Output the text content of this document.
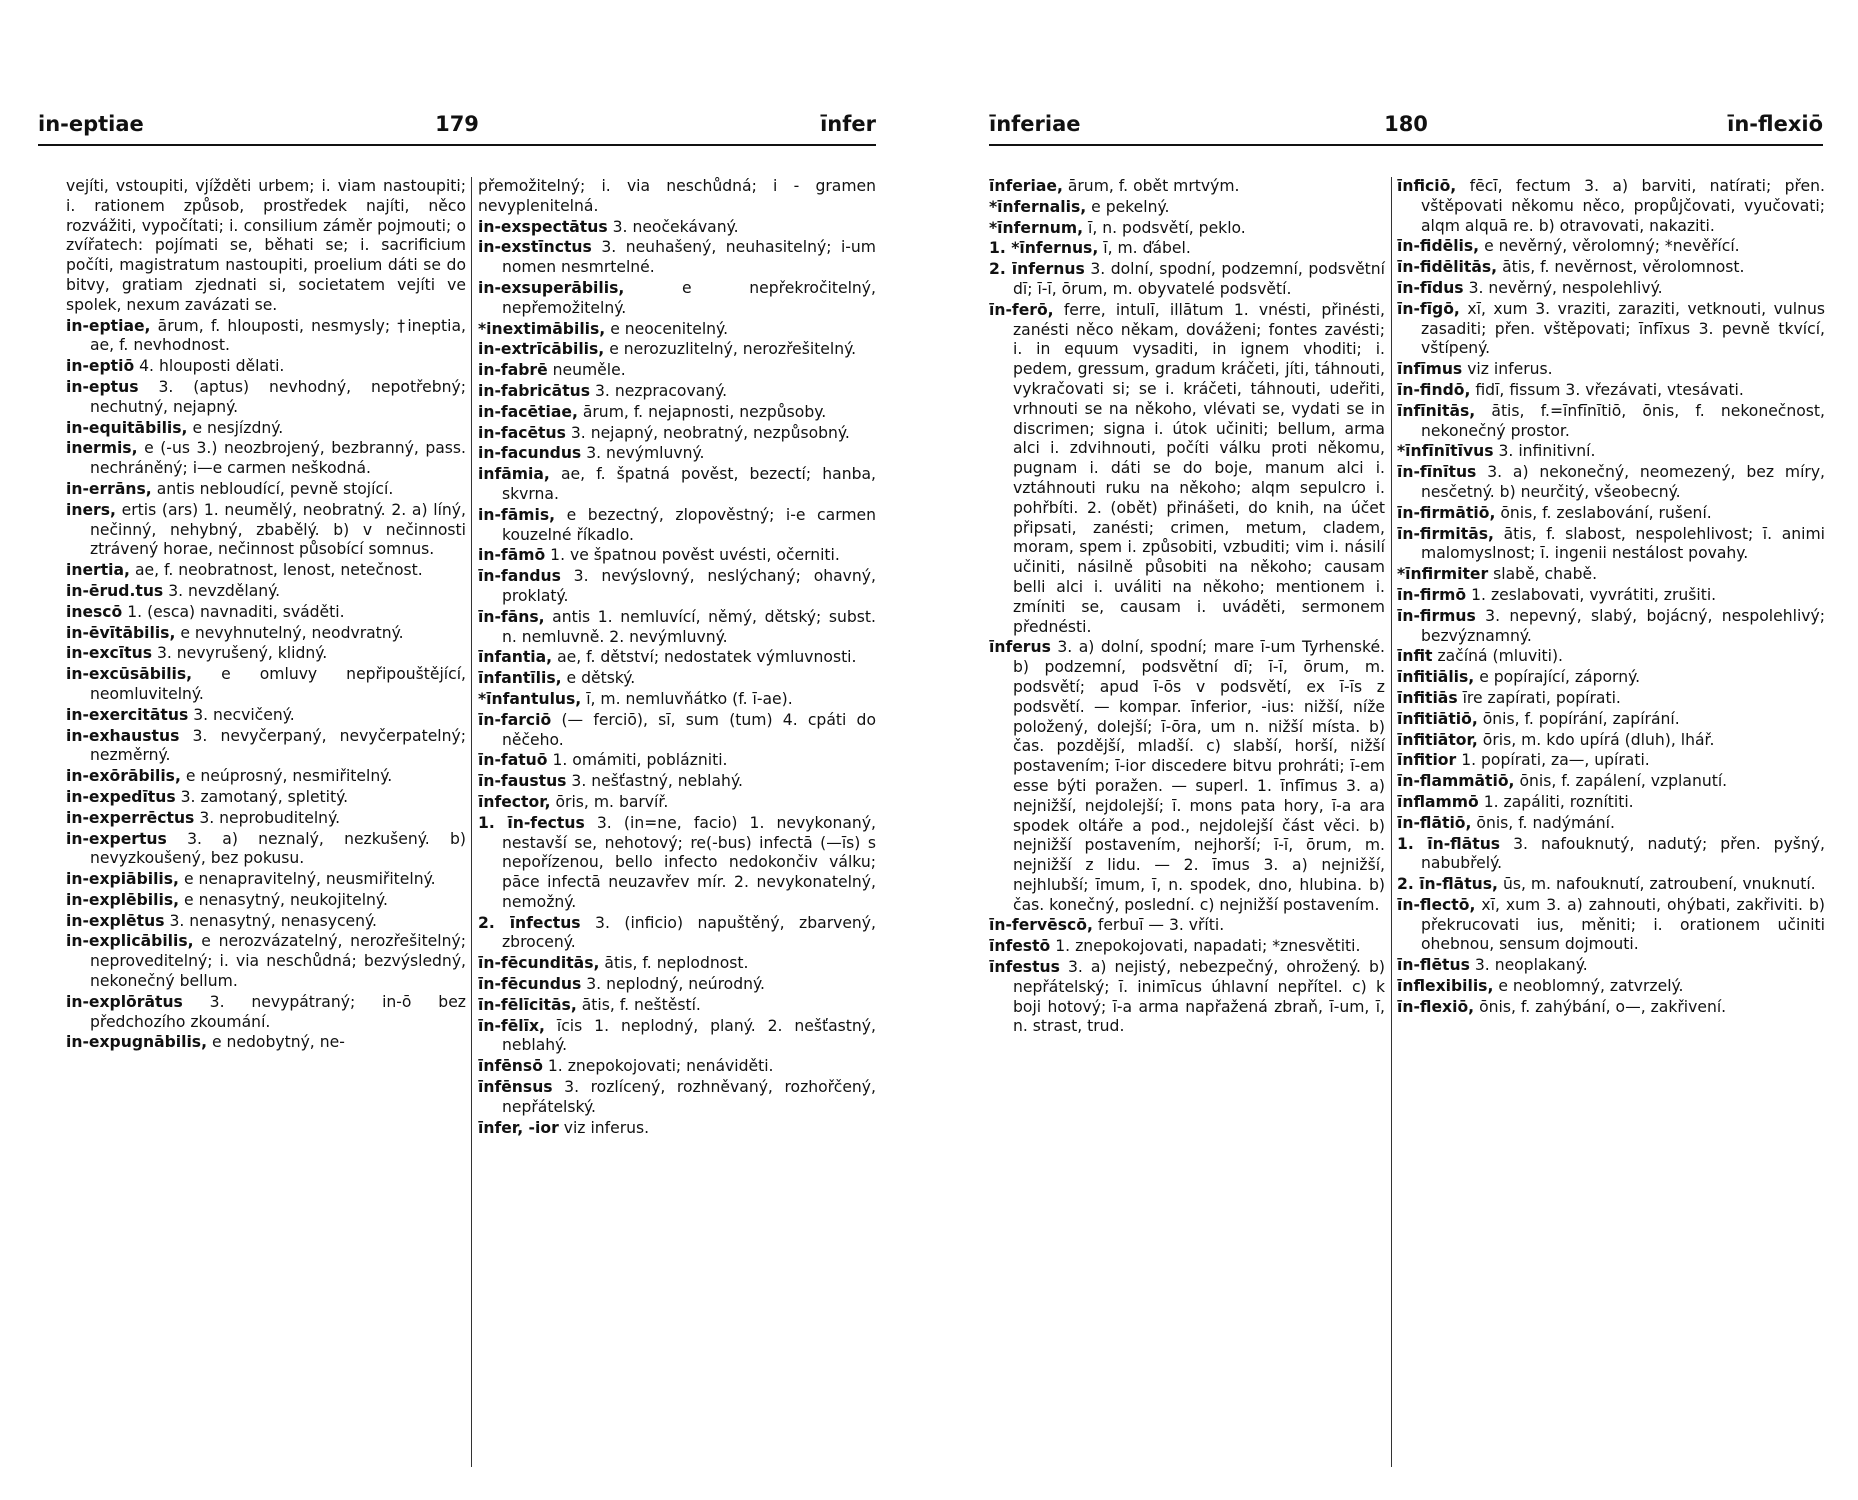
in-eptiae	179	īnfer

vejíti, vstoupiti, vjížděti urbem; i. viam nastoupiti; i. rationem způsob, prostředek najíti, něco rozvážiti, vypočítati; i. consilium záměr pojmouti; o zvířatech: pojímati se, běhati se; i. sacrificium počíti, magistratum nastoupiti, proelium dáti se do bitvy, gratiam zjednati si, societatem vejíti ve spolek, nexum zavázati se.

in-eptiae, ārum, f. hlouposti, nesmysly; †ineptia, ae, f. nevhodnost.

in-eptiō 4. hlouposti dělati.

in-eptus 3. (aptus) nevhodný, nepotřebný; nechutný, nejapný.

in-equitābilis, e nesjízdný.

inermis, e (-us 3.) neozbrojený, bezbranný, pass. nechráněný; i—e carmen neškodná.

in-errāns, antis nebloudící, pevně stojící.

iners, ertis (ars) 1. neumělý, neobratný. 2. a) líný, nečinný, nehybný, zbabělý. b) v nečinnosti ztrávený horae, nečinnost působící somnus.

inertia, ae, f. neobratnost, lenost, netečnost.

in-ērud.tus 3. nevzdělaný.

inescō 1. (esca) navnaditi, sváděti.

in-ēvītābilis, e nevyhnutelný, neodvratný.

in-excītus 3. nevyrušený, klidný.

in-excūsābilis, e omluvy nepřipouštějící, neomluvitelný.

in-exercitātus 3. necvičený.

in-exhaustus 3. nevyčerpaný, nevyčerpatelný; nezměrný.

in-exōrābilis, e neúprosný, nesmiřitelný.

in-expedītus 3. zamotaný, spletitý.

in-experrēctus 3. neprobuditelný.

in-expertus 3. a) neznalý, nezkušený. b) nevyzkoušený, bez pokusu.

in-expiābilis, e nenapravitelný, neusmiřitelný.

in-explēbilis, e nenasytný, neukojitelný.

in-explētus 3. nenasytný, nenasycený.

in-explicābilis, e nerozvázatelný, nerozřešitelný; neproveditelný; i. via neschůdná; bezvýsledný, nekonečný bellum.

in-explōrātus 3. nevypátraný; in-ō bez předchozího zkoumání.

in-expugnābilis, e nedobytný, ne-

přemožitelný; i. via neschůdná; i - gramen nevyplenitelná.

in-exspectātus 3. neočekávaný.

in-exstīnctus 3. neuhašený, neuhasitelný; i-um nomen nesmrtelné.

in-exsuperābilis,	e nepřekročitelný, nepřemožitelný.

*inextimābilis, e neocenitelný.

in-extrīcābilis, e nerozuzlitelný, nerozřešitelný.

in-fabrē neuměle.

in-fabricātus 3. nezpracovaný.

in-facētiae, ārum, f. nejapnosti, nezpůsoby.

in-facētus 3. nejapný, neobratný, nezpůsobný.

in-facundus 3. nevýmluvný.

infāmia, ae, f. špatná pověst, bezectí; hanba, skvrna.

in-fāmis, e bezectný, zlopověstný; i-e carmen kouzelné říkadlo.

in-fāmō 1. ve špatnou pověst uvésti, očerniti.

īn-fandus 3. nevýslovný, neslýchaný; ohavný, proklatý.

īn-fāns, antis 1. nemluvící, němý, dětský; subst. n. nemluvně. 2. nevýmluvný.

īnfantia, ae, f. dětství; nedostatek výmluvnosti.

īnfantīlis, e dětský.

*īnfantulus, ī, m. nemluvňátko (f. ī-ae).

īn-farciō (— ferciō), sī, sum (tum) 4. cpáti do něčeho.

īn-fatuō 1. omámiti, poblázniti.

īn-faustus 3. nešťastný, neblahý.

īnfector, ōris, m. barvíř.

1. īn-fectus 3. (in=ne, facio) 1. nevykonaný, nestavší se, nehotový; re(-bus) infectā (—īs) s nepořízenou, bello infecto nedokončiv válku; pāce infectā neuzavřev mír. 2. nevykonatelný, nemožný.

2. īnfectus 3. (inficio) napuštěný, zbarvený, zbrocený.

īn-fēcunditās, ātis, f. neplodnost.

īn-fēcundus 3. neplodný, neúrodný.

īn-fēlīcitās, ātis, f. neštěstí.

īn-fēlīx, īcis 1. neplodný, planý. 2. nešťastný, neblahý.

īnfēnsō 1. znepokojovati; nenáviděti.

īnfēnsus 3. rozlícený, rozhněvaný, rozhořčený, nepřátelský.

īnfer, -ior viz inferus.

īnferiae	180	īn-flexiō

īnferiae, ārum, f. obět mrtvým.

*īnfernalis, e pekelný.

*īnfernum, ī, n. podsvětí, peklo.

1. *īnfernus, ī, m. ďábel.

2. īnfernus 3. dolní, spodní, podzemní, podsvětní dī; ī-ī, ōrum, m. obyvatelé podsvětí.

īn-ferō, ferre, intulī, illātum 1. vnésti, přinésti, zanésti něco někam, dováženi; fontes zavésti; i. in equum vysaditi, in ignem vhoditi; i. pedem, gressum, gradum kráčeti, jíti, táhnouti, vykračovati si; se i. kráčeti, táhnouti, udeřiti, vrhnouti se na někoho, vlévati se, vydati se in discrimen; signa i. útok učiniti; bellum, arma alci i. zdvihnouti, počíti válku proti někomu, pugnam i. dáti se do boje, manum alci i. vztáhnouti ruku na někoho; alqm sepulcro i. pohřbíti. 2. (obět) přinášeti, do knih, na účet připsati, zanésti; crimen, metum, cladem, moram, spem i. způsobiti, vzbuditi; vim i. násilí učiniti, násilně působiti na někoho; causam belli alci i. uváliti na někoho; mentionem i. zmíniti se, causam i. uváděti, sermonem přednésti.

īnferus 3. a) dolní, spodní; mare ī-um Tyrhenské. b) podzemní, podsvětní dī; ī-ī, ōrum, m. podsvětí; apud ī-ōs v podsvětí, ex ī-īs z podsvětí. — kompar. īnferior, -ius: nižší, níže položený, dolejší; ī-ōra, um n. nižší místa. b) čas. pozdější, mladší. c) slabší, horší, nižší postavením; ī-ior discedere bitvu prohráti; ī-em esse býti poražen. — superl. 1. īnfīmus 3. a) nejnižší, nejdolejší; ī. mons pata hory, ī-a ara spodek oltáře a pod., nejdolejší část věci. b) nejnižší postavením, nejhorší; ī-ī, ōrum, m. nejnižší z lidu. — 2. īmus 3. a) nejnižší, nejhlubší; īmum, ī, n. spodek, dno, hlubina. b) čas. konečný, poslední. c) nejnižší postavením.

īn-fervēscō, ferbuī — 3. vříti.

īnfestō 1. znepokojovati, napadati; *znesvětiti.

īnfestus 3. a) nejistý, nebezpečný, ohrožený. b) nepřátelský; ī. inimīcus úhlavní nepřítel. c) k boji hotový; ī-a arma napřažená zbraň, ī-um, ī, n. strast, trud.

īnficiō, fēcī, fectum 3. a) barviti, natírati; přen. vštěpovati někomu něco, propůjčovati, vyučovati; alqm alquā re. b) otravovati, nakaziti.

īn-fidēlis, e nevěrný, věrolomný; *nevěřící.

īn-fidēlitās, ātis, f. nevěrnost, věrolomnost.

īn-fīdus 3. nevěrný, nespolehlivý.

īn-fīgō, xī, xum 3. vraziti, zaraziti, vetknouti, vulnus zasaditi; přen. vštěpovati; īnfīxus 3. pevně tkvící, vštípený.

īnfīmus viz inferus.

īn-findō, fidī, fissum 3. vřezávati, vtesávati.

īnfīnitās, ātis, f.=īnfīnītiō, ōnis, f. nekonečnost, nekonečný prostor.

*īnfīnītīvus 3. infinitivní.

īn-fīnītus 3. a) nekonečný, neomezený, bez míry, nesčetný. b) neurčitý, všeobecný.

īn-firmātiō, ōnis, f. zeslabování, rušení.

īn-firmitās, ātis, f. slabost, nespolehlivost; ī. animi malomyslnost; ī. ingenii nestálost povahy.

*īnfirmiter slabě, chabě.

īn-firmō 1. zeslabovati, vyvrátiti, zrušiti.

īn-firmus 3. nepevný, slabý, bojácný, nespolehlivý; bezvýznamný.

īnfit začíná (mluviti).

īnfitiālis, e popírající, záporný.

īnfitiās īre zapírati, popírati.

īnfitiātiō, ōnis, f. popírání, zapírání.

īnfitiātor, ōris, m. kdo upírá (dluh), lhář.

īnfitior 1. popírati, za—, upírati.

īn-flammātiō, ōnis, f. zapálení, vzplanutí.

īnflammō 1. zapáliti, roznítiti.

īn-flātiō, ōnis, f. nadýmání.

1. īn-flātus 3. nafouknutý, nadutý; přen. pyšný, nabubřelý.

2. īn-flātus, ūs, m. nafouknutí, zatroubení, vnuknutí.

īn-flectō, xī, xum 3. a) zahnouti, ohýbati, zakřiviti. b) překrucovati ius, měniti; i. orationem učiniti ohebnou, sensum dojmouti.

īn-flētus 3. neoplakaný.

īnflexibilis, e neoblomný, zatvrzelý.

īn-flexiō, ōnis, f. zahýbání, o—, zakřivení.
